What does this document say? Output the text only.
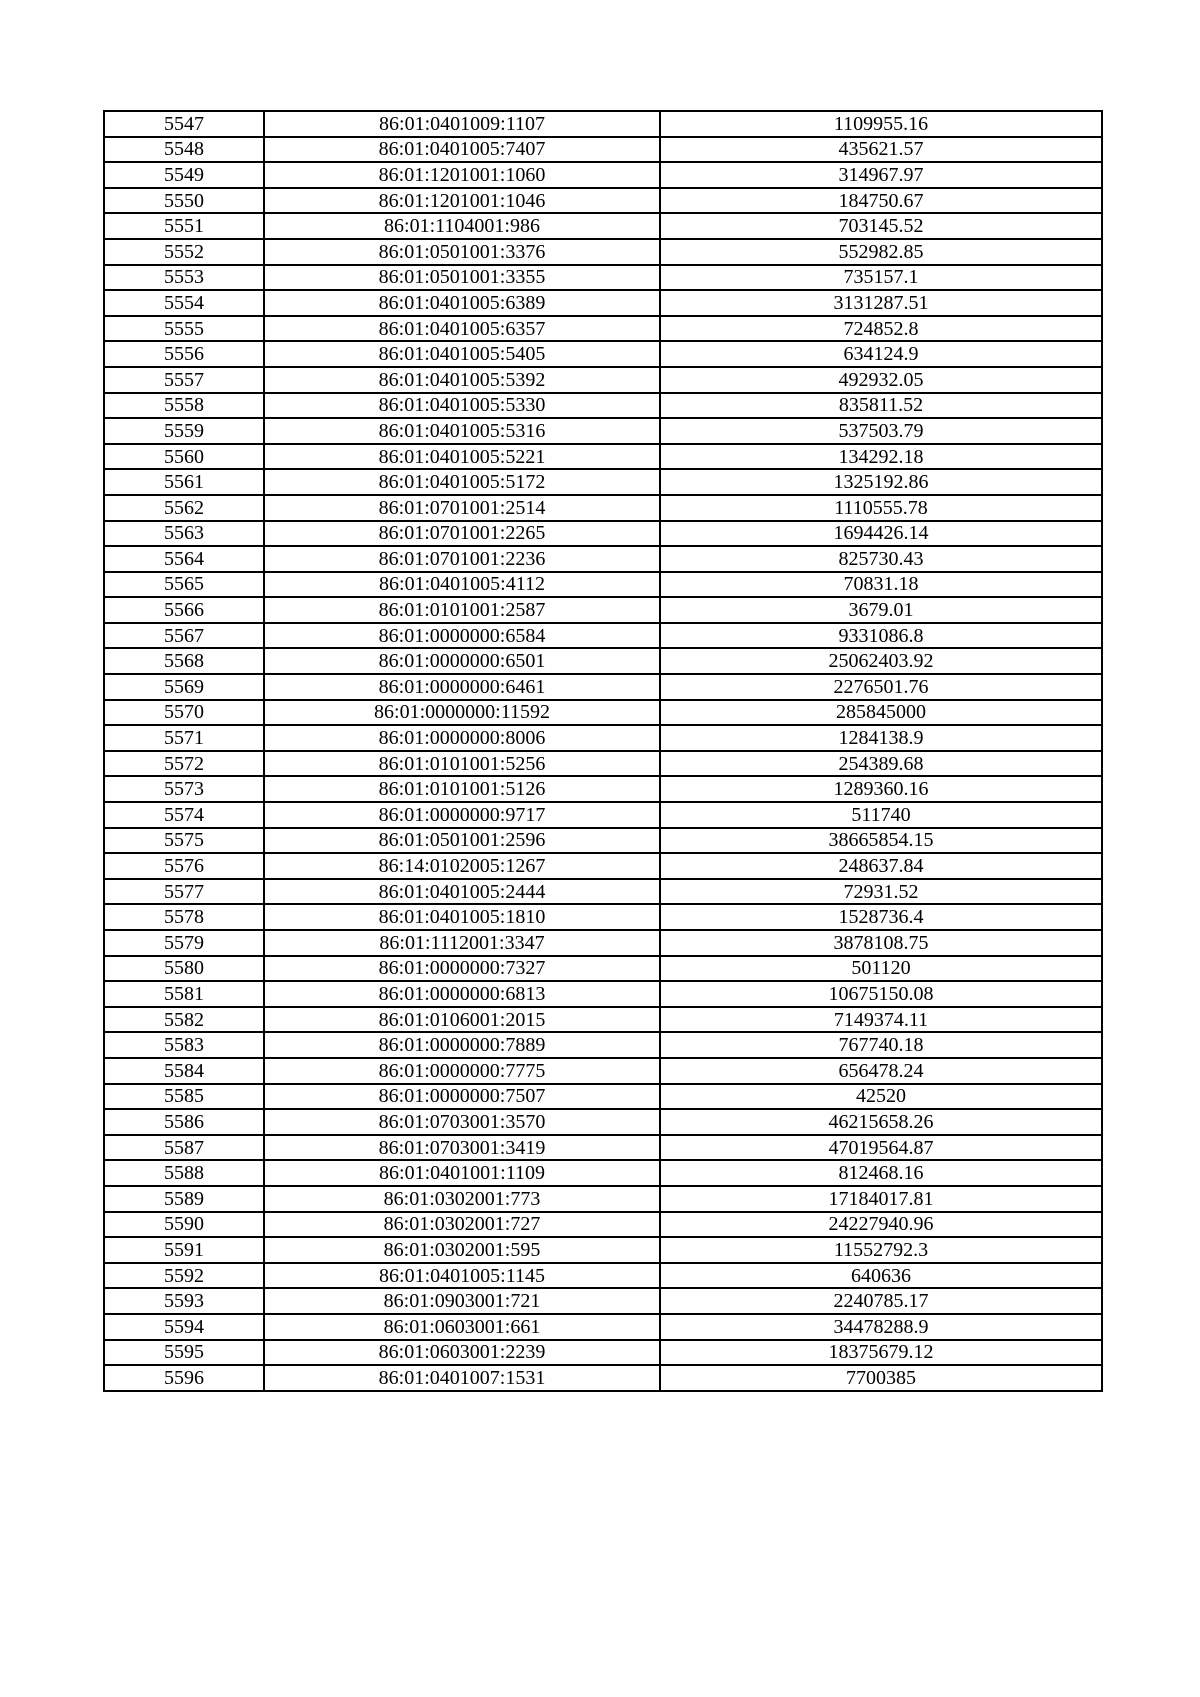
5547	86:01:0401009:1107	1109955.16
5548	86:01:0401005:7407	435621.57
5549	86:01:1201001:1060	314967.97
5550	86:01:1201001:1046	184750.67
5551	86:01:1104001:986	703145.52
5552	86:01:0501001:3376	552982.85
5553	86:01:0501001:3355	735157.1
5554	86:01:0401005:6389	3131287.51
5555	86:01:0401005:6357	724852.8
5556	86:01:0401005:5405	634124.9
5557	86:01:0401005:5392	492932.05
5558	86:01:0401005:5330	835811.52
5559	86:01:0401005:5316	537503.79
5560	86:01:0401005:5221	134292.18
5561	86:01:0401005:5172	1325192.86
5562	86:01:0701001:2514	1110555.78
5563	86:01:0701001:2265	1694426.14
5564	86:01:0701001:2236	825730.43
5565	86:01:0401005:4112	70831.18
5566	86:01:0101001:2587	3679.01
5567	86:01:0000000:6584	9331086.8
5568	86:01:0000000:6501	25062403.92
5569	86:01:0000000:6461	2276501.76
5570	86:01:0000000:11592	285845000
5571	86:01:0000000:8006	1284138.9
5572	86:01:0101001:5256	254389.68
5573	86:01:0101001:5126	1289360.16
5574	86:01:0000000:9717	511740
5575	86:01:0501001:2596	38665854.15
5576	86:14:0102005:1267	248637.84
5577	86:01:0401005:2444	72931.52
5578	86:01:0401005:1810	1528736.4
5579	86:01:1112001:3347	3878108.75
5580	86:01:0000000:7327	501120
5581	86:01:0000000:6813	10675150.08
5582	86:01:0106001:2015	7149374.11
5583	86:01:0000000:7889	767740.18
5584	86:01:0000000:7775	656478.24
5585	86:01:0000000:7507	42520
5586	86:01:0703001:3570	46215658.26
5587	86:01:0703001:3419	47019564.87
5588	86:01:0401001:1109	812468.16
5589	86:01:0302001:773	17184017.81
5590	86:01:0302001:727	24227940.96
5591	86:01:0302001:595	11552792.3
5592	86:01:0401005:1145	640636
5593	86:01:0903001:721	2240785.17
5594	86:01:0603001:661	34478288.9
5595	86:01:0603001:2239	18375679.12
5596	86:01:0401007:1531	7700385
